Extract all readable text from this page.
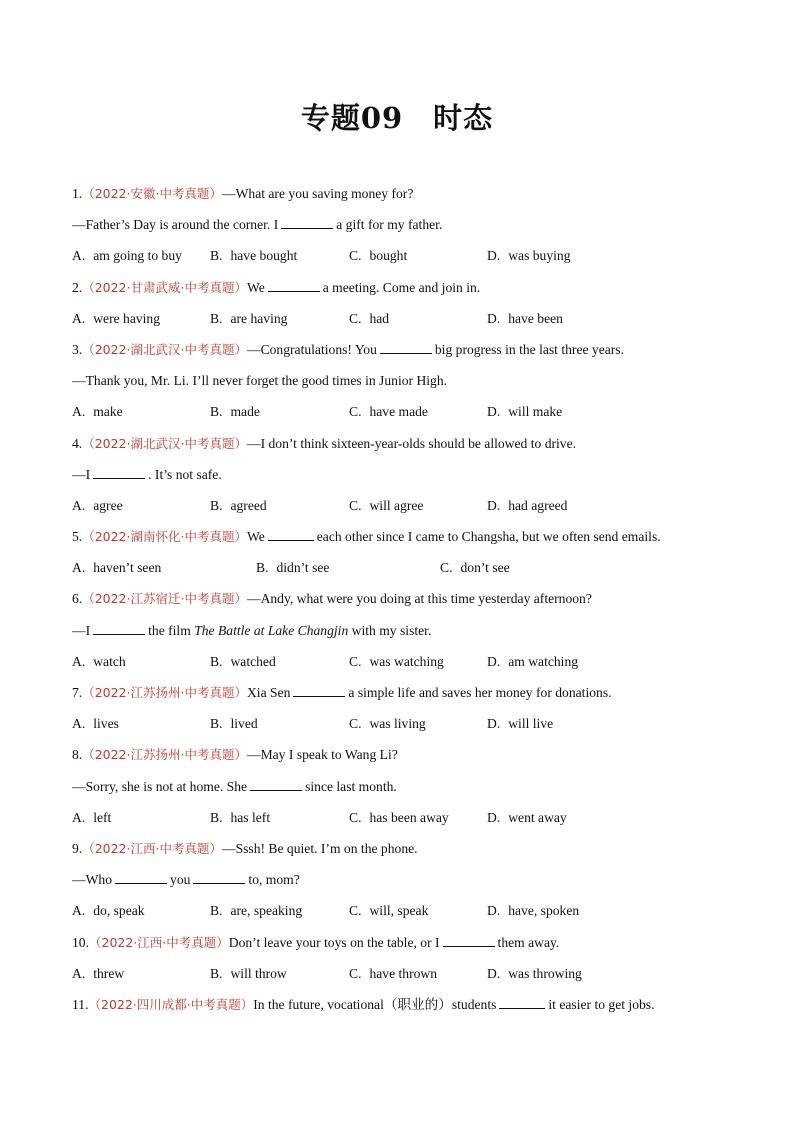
专题09 时态
1.（2022·安徽·中考真题）—What are you saving money for?
—Father’s Day is around the corner. I	a gift for my father.
A. am going to buy B. have bought	C. bought	D. was buying
2.（2022·甘肃武威·中考真题）We	a meeting. Come and join in.
A. were having	B. are having	C. had	D. have been
3.（2022·湖北武汉·中考真题）—Congratulations! You	big progress in the last three years.
—Thank you, Mr. Li. I’ll never forget the good times in Junior High.
A. make	B. made	C. have made	D. will make
4.（2022·湖北武汉·中考真题）—I don’t think sixteen-year-olds should be allowed to drive.
—I	. It’s not safe.
A. agree	B. agreed	C. will agree	D. had agreed
5.（2022·湖南怀化·中考真题）We	each other since I came to Changsha, but we often send emails.
A. haven’t seen	B. didn’t see	C. don’t see
6.（2022·江苏宿迁·中考真题）—Andy, what were you doing at this time yesterday afternoon?
—I	the film The Battle at Lake Changjin with my sister.
A. watch	B. watched	C. was watching	D. am watching
7.（2022·江苏扬州·中考真题）Xia Sen	a simple life and saves her money for donations.
A. lives	B. lived	C. was living	D. will live
8.（2022·江苏扬州·中考真题）—May I speak to Wang Li?
—Sorry, she is not at home. She	since last month.
A. left	B. has left	C. has been away	D. went away
9.（2022·江西·中考真题）—Sssh! Be quiet. I’m on the phone.
—Who	you	to, mom?
A. do, speak	B. are, speaking	C. will, speak	D. have, spoken
10.（2022·江西·中考真题）Don’t leave your toys on the table, or I	them away.
A. threw	B. will throw	C. have thrown	D. was throwing
11.（2022·四川成都·中考真题）In the future, vocational（职业的）students	it easier to get jobs.
